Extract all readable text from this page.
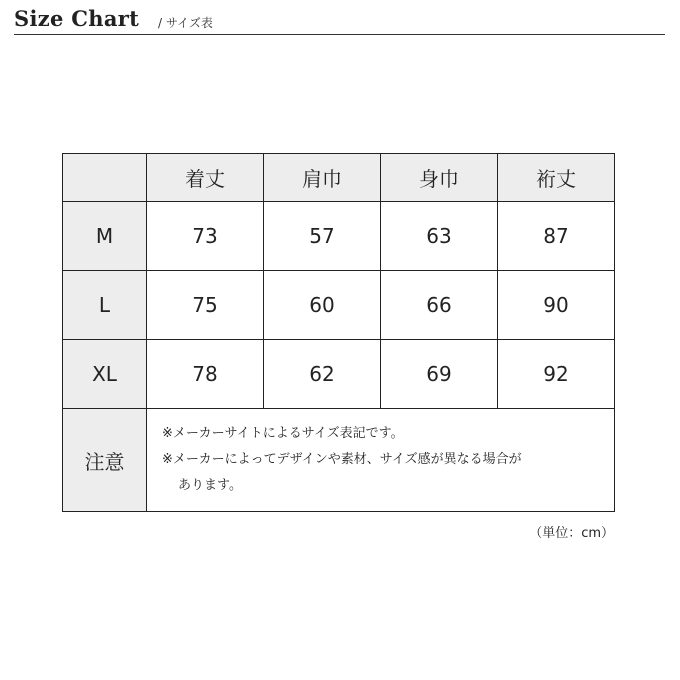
Size Chart / サイズ表
	着丈	肩巾	身巾	裄丈
M	73	57	63	87
L	75	60	66	90
XL	78	62	69	92
注意	※メーカーサイトによるサイズ表記です。
※メーカーによってデザインや素材、サイズ感が異なる場合が
あります。			
（単位：cm）
